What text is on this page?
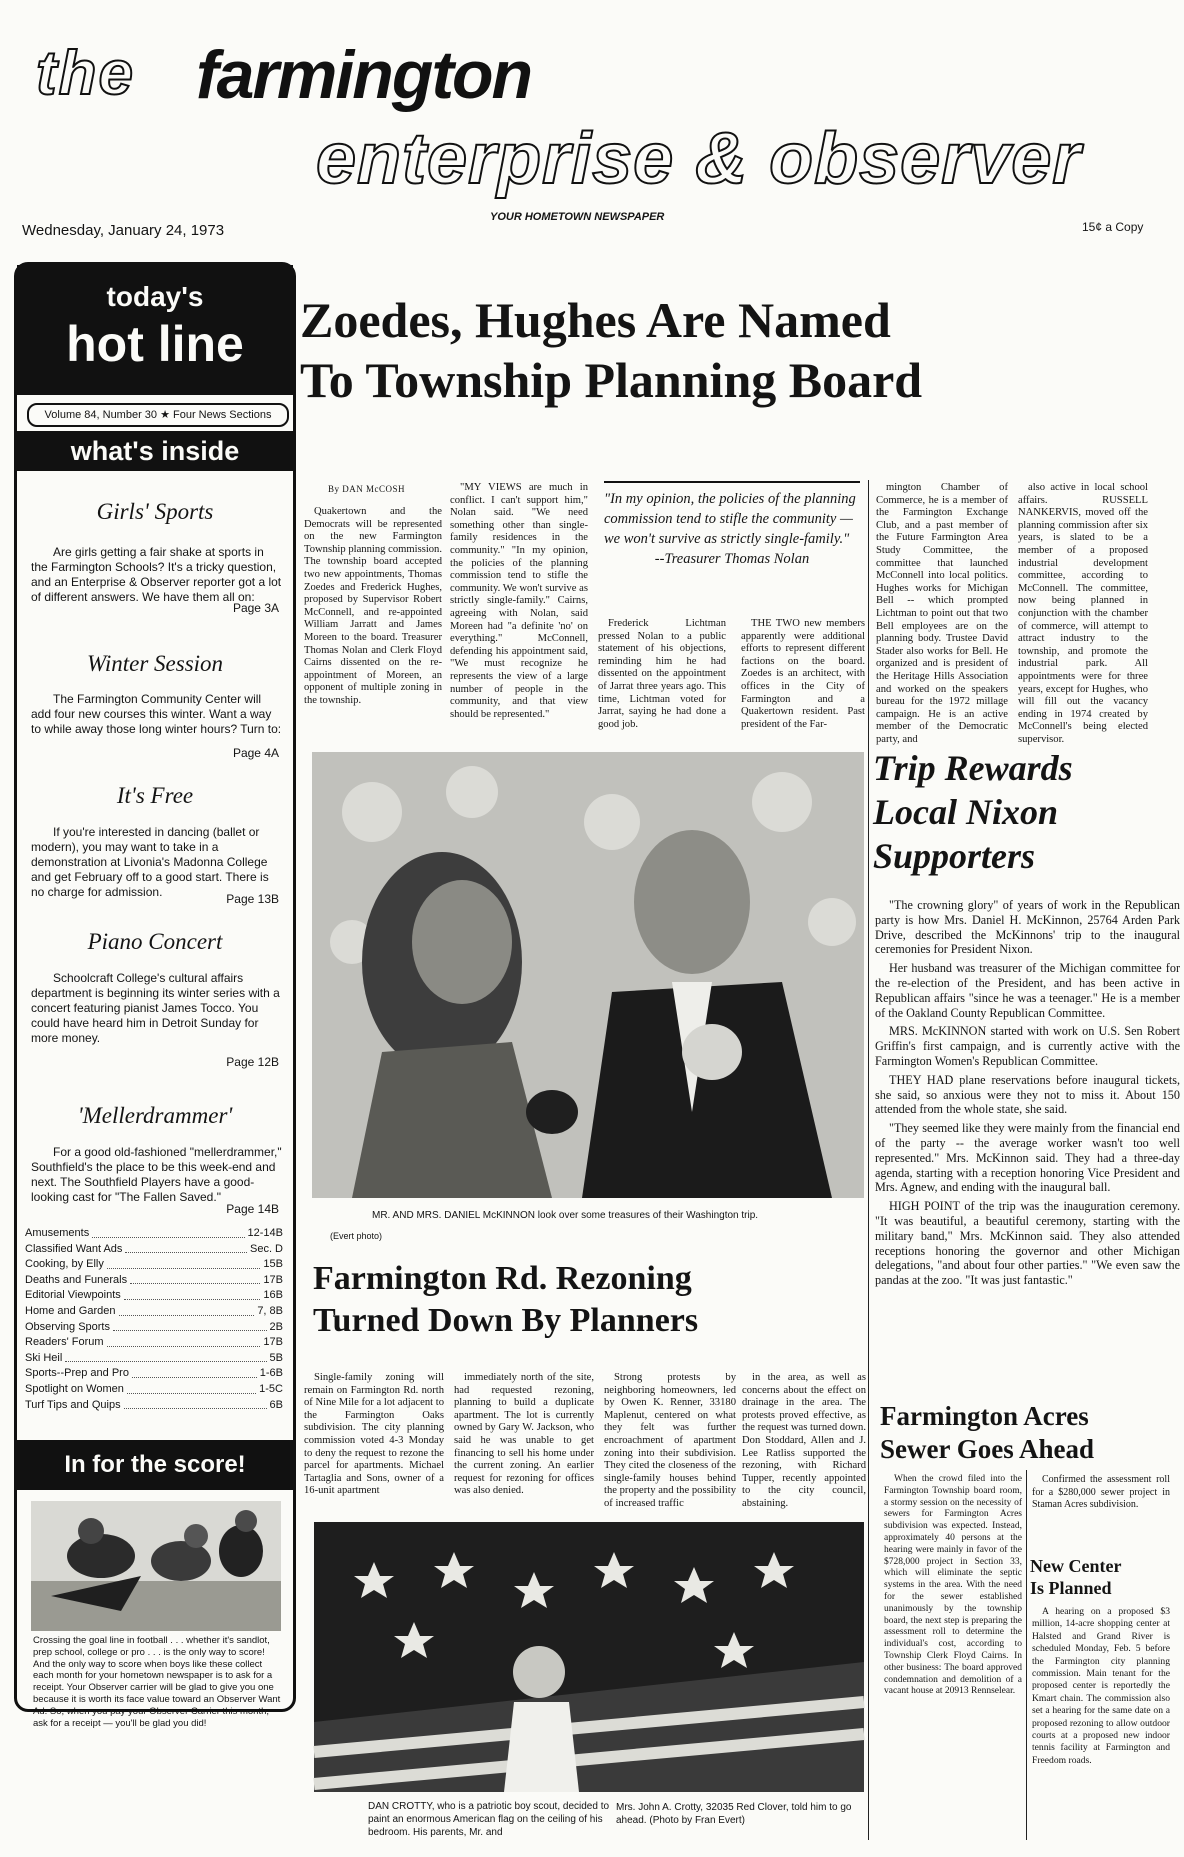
the farmington
enterprise & observer
Wednesday, January 24, 1973
YOUR HOMETOWN NEWSPAPER
15¢ a Copy
today's
hot line
Volume 84, Number 30 ★ Four News Sections
what's inside
Girls' Sports
Are girls getting a fair shake at sports in the Farmington Schools? It's a tricky question, and an Enterprise & Observer reporter got a lot of different answers. We have them all on:
Page 3A
Winter Session
The Farmington Community Center will add four new courses this winter. Want a way to while away those long winter hours? Turn to:
Page 4A
It's Free
If you're interested in dancing (ballet or modern), you may want to take in a demonstration at Livonia's Madonna College and get February off to a good start. There is no charge for admission.	Page 13B
Piano Concert
Schoolcraft College's cultural affairs department is beginning its winter series with a concert featuring pianist James Tocco. You could have heard him in Detroit Sunday for more money.
Page 12B
'Mellerdrammer'
For a good old-fashioned "mellerdrammer," Southfield's the place to be this week-end and next. The Southfield Players have a good-looking cast for "The Fallen Saved."
Page 14B
Amusements	12-14B
Classified Want Ads	Sec. D
Cooking, by Elly	15B
Deaths and Funerals	17B
Editorial Viewpoints	16B
Home and Garden	7, 8B
Observing Sports	2B
Readers' Forum	17B
Ski Heil	5B
Sports--Prep and Pro	1-6B
Spotlight on Women	1-5C
Turf Tips and Quips	6B
In for the score!
Crossing the goal line in football . . . whether it's sandlot, prep school, college or pro . . . is the only way to score! And the only way to score when boys like these collect each month for your hometown newspaper is to ask for a receipt. Your Observer carrier will be glad to give you one because it is worth its face value toward an Observer Want Ad. So, when you pay your Observer Carrier this month, ask for a receipt — you'll be glad you did!
Zoedes, Hughes Are Named
To Township Planning Board
By DAN McCOSH

Quakertown and the Democrats will be represented on the new Farmington Township planning commission. The township board accepted two new appointments, Thomas Zoedes and Frederick Hughes, proposed by Supervisor Robert McConnell, and re-appointed William Jarratt and James Moreen to the board. Treasurer Thomas Nolan and Clerk Floyd Cairns dissented on the re-appointment of Moreen, an opponent of multiple zoning in the township.

"MY VIEWS are much in conflict. I can't support him," Nolan said. "We need something other than single-family residences in the community." "In my opinion, the policies of the planning commission tend to stifle the community. We won't survive as strictly single-family." Cairns, agreeing with Nolan, said Moreen had "a definite 'no' on everything." McConnell, defending his appointment said, "We must recognize he represents the view of a large number of people in the community, and that view should be represented."

"In my opinion, the policies of the planning commission tend to stifle the community — we won't survive as strictly single-family."
--Treasurer Thomas Nolan

Frederick Lichtman pressed Nolan to a public statement of his objections, reminding him he had dissented on the appointment of Jarrat three years ago. This time, Lichtman voted for Jarrat, saying he had done a good job.

THE TWO new members apparently were additional efforts to represent different factions on the board. Zoedes is an architect, with offices in the City of Farmington and a Quakertown resident. Past president of the Far-

mington Chamber of Commerce, he is a member of the Farmington Exchange Club, and a past member of the Future Farmington Area Study Committee, the committee that launched McConnell into local politics. Hughes works for Michigan Bell -- which prompted Lichtman to point out that two Bell employees are on the planning body. Trustee David Stader also works for Bell. He organized and is president of the Heritage Hills Association and worked on the speakers bureau for the 1972 millage campaign. He is an active member of the Democratic party, and

also active in local school affairs. RUSSELL NANKERVIS, moved off the planning commission after six years, is slated to be a member of a proposed industrial development committee, according to McConnell. The committee, now being planned in conjunction with the chamber of commerce, will attempt to attract industry to the township, and promote the industrial park. All appointments were for three years, except for Hughes, who will fill out the vacancy ending in 1974 created by McConnell's being elected supervisor.

MR. AND MRS. DANIEL McKINNON look over some treasures of their Washington trip.
(Evert photo)
Farmington Rd. Rezoning
Turned Down By Planners

Single-family zoning will remain on Farmington Rd. north of Nine Mile for a lot adjacent to the Farmington Oaks subdivision. The city planning commission voted 4-3 Monday to deny the request to rezone the parcel for apartments. Michael Tartaglia and Sons, owner of a 16-unit apartment

immediately north of the site, had requested rezoning, planning to build a duplicate apartment. The lot is currently owned by Gary W. Jackson, who said he was unable to get financing to sell his home under the current zoning. An earlier request for rezoning for offices was also denied.

Strong protests by neighboring homeowners, led by Owen K. Renner, 33180 Maplenut, centered on what they felt was further encroachment of apartment zoning into their subdivision. They cited the closeness of the single-family houses behind the property and the possibility of increased traffic

in the area, as well as concerns about the effect on drainage in the area. The protests proved effective, as the request was turned down. Don Stoddard, Allen and J. Lee Ratliss supported the rezoning, with Richard Tupper, recently appointed to the city council, abstaining.

DAN CROTTY, who is a patriotic boy scout, decided to paint an enormous American flag on the ceiling of his bedroom. His parents, Mr. and
Mrs. John A. Crotty, 32035 Red Clover, told him to go ahead. (Photo by Fran Evert)
Trip Rewards
Local Nixon
Supporters

"The crowning glory" of years of work in the Republican party is how Mrs. Daniel H. McKinnon, 25764 Arden Park Drive, described the McKinnons' trip to the inaugural ceremonies for President Nixon.

Her husband was treasurer of the Michigan committee for the re-election of the President, and has been active in Republican affairs "since he was a teenager." He is a member of the Oakland County Republican Committee.

MRS. McKINNON started with work on U.S. Sen Robert Griffin's first campaign, and is currently active with the Farmington Women's Republican Committee.

THEY HAD plane reservations before inaugural tickets, she said, so anxious were they not to miss it. About 150 attended from the whole state, she said.

"They seemed like they were mainly from the financial end of the party -- the average worker wasn't too well represented." Mrs. McKinnon said. They had a three-day agenda, starting with a reception honoring Vice President and Mrs. Agnew, and ending with the inaugural ball.

HIGH POINT of the trip was the inauguration ceremony. "It was beautiful, a beautiful ceremony, starting with the military band," Mrs. McKinnon said. They also attended receptions honoring the governor and other Michigan delegations, "and about four other parties." "We even saw the pandas at the zoo. "It was just fantastic."

Farmington Acres
Sewer Goes Ahead

When the crowd filed into the Farmington Township board room, a stormy session on the necessity of sewers for Farmington Acres subdivision was expected. Instead, approximately 40 persons at the hearing were mainly in favor of the $728,000 project in Section 33, which will eliminate the septic systems in the area. With the need for the sewer established unanimously by the township board, the next step is preparing the assessment roll to determine the individual's cost, according to Township Clerk Floyd Cairns. In other business: The board approved condemnation and demolition of a vacant house at 20913 Rennselear.

Confirmed the assessment roll for a $280,000 sewer project in Staman Acres subdivision.

New Center
Is Planned

A hearing on a proposed $3 million, 14-acre shopping center at Halsted and Grand River is scheduled Monday, Feb. 5 before the Farmington city planning commission. Main tenant for the proposed center is reportedly the Kmart chain. The commission also set a hearing for the same date on a proposed rezoning to allow outdoor courts at a proposed new indoor tennis facility at Farmington and Freedom roads.
